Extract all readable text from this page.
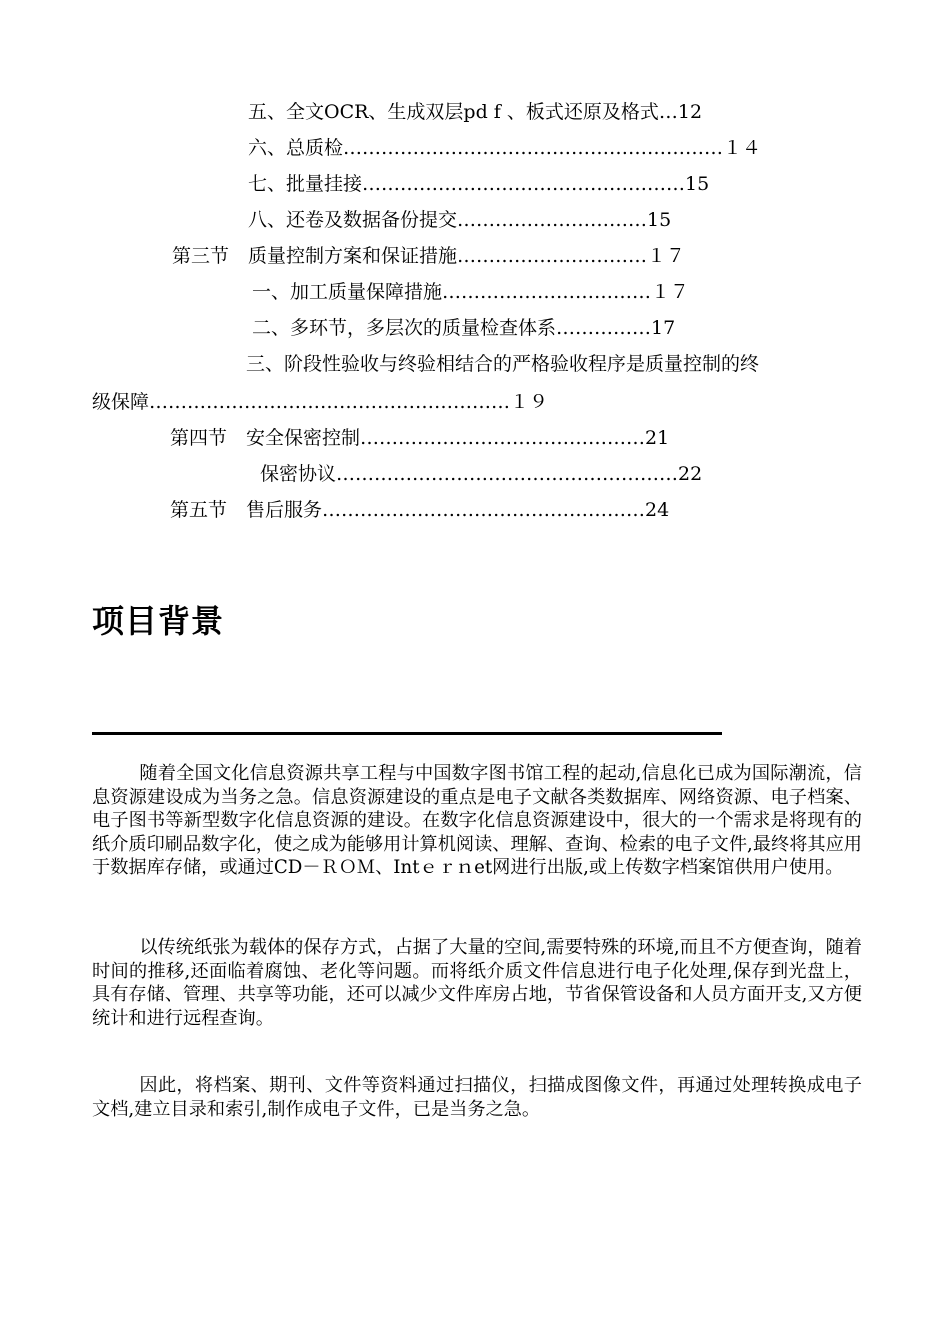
五、全文OCR、生成双层pd f 、板式还原及格式…12
六、总质检……………………………………………………１４
七、批量挂接……………………………………………15
八、还卷及数据备份提交…………………………15
第三节　质量控制方案和保证措施…………………………１７
一、加工质量保障措施……………………………１７
二、多环节，多层次的质量检查体系……………17
三、阶段性验收与终验相结合的严格验收程序是质量控制的终
级保障…………………………………………………１９
第四节　安全保密控制………………………………………21
保密协议………………………………………………22
第五节　售后服务……………………………………………24
项目背景

随着全国文化信息资源共享工程与中国数字图书馆工程的起动,信息化已成为国际潮流，信息资源建设成为当务之急。信息资源建设的重点是电子文献各类数据库、网络资源、电子档案、电子图书等新型数字化信息资源的建设。在数字化信息资源建设中，很大的一个需求是将现有的纸介质印刷品数字化，使之成为能够用计算机阅读、理解、查询、检索的电子文件,最终将其应用于数据库存储，或通过CD－ＲＯＭ、Intｅｒｎet网进行出版,或上传数字档案馆供用户使用。

以传统纸张为载体的保存方式，占据了大量的空间,需要特殊的环境,而且不方便查询，随着时间的推移,还面临着腐蚀、老化等问题。而将纸介质文件信息进行电子化处理,保存到光盘上，具有存储、管理、共享等功能，还可以减少文件库房占地，节省保管设备和人员方面开支,又方便统计和进行远程查询。

因此，将档案、期刊、文件等资料通过扫描仪，扫描成图像文件，再通过处理转换成电子文档,建立目录和索引,制作成电子文件，已是当务之急。
